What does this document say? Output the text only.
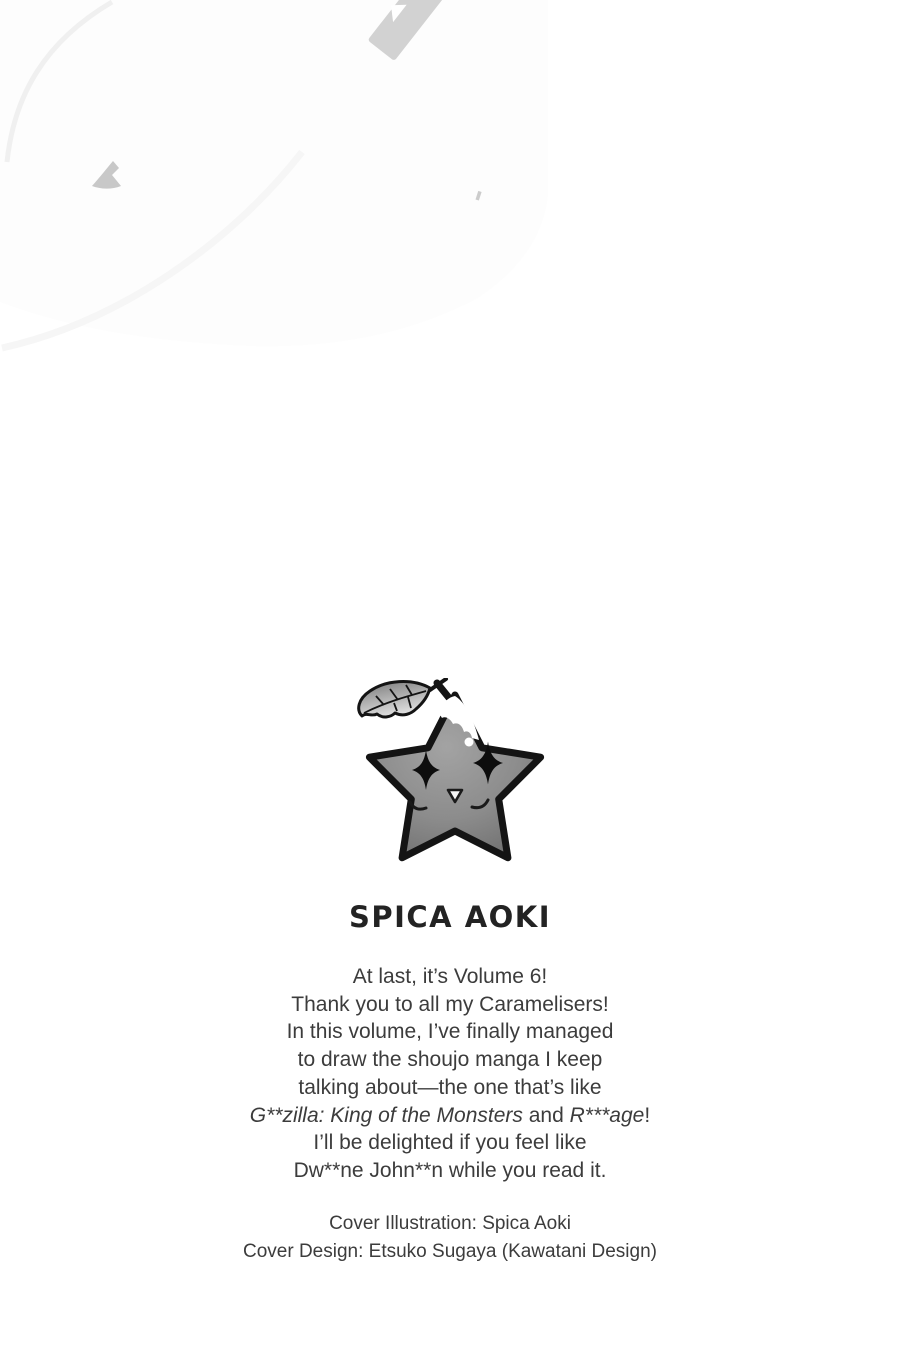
SPICA AOKI
At last, it’s Volume 6!
Thank you to all my Caramelisers!
In this volume, I’ve finally managed
to draw the shoujo manga I keep
talking about—the one that’s like
G**zilla: King of the Monsters and R***age!
I’ll be delighted if you feel like
Dw**ne John**n while you read it.
Cover Illustration: Spica Aoki
Cover Design: Etsuko Sugaya (Kawatani Design)
